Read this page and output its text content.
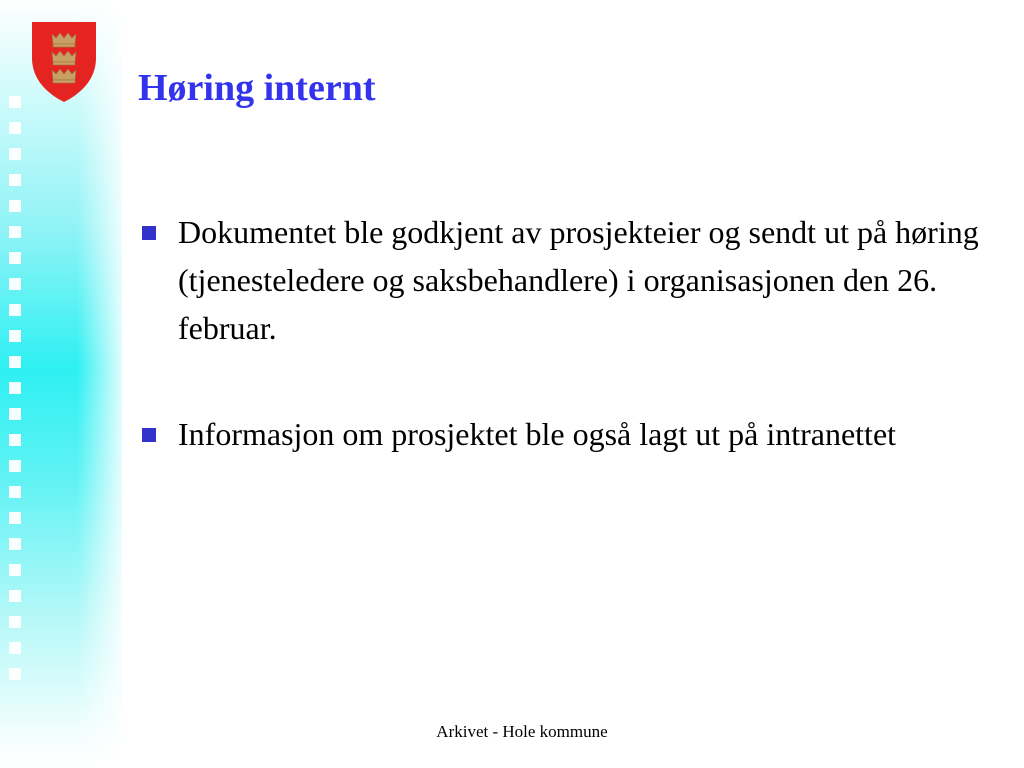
Høring internt
Dokumentet ble godkjent av prosjekteier og sendt ut på høring (tjenesteledere og saksbehandlere) i organisasjonen den 26. februar.
Informasjon om prosjektet ble også lagt ut på intranettet
Arkivet - Hole kommune
